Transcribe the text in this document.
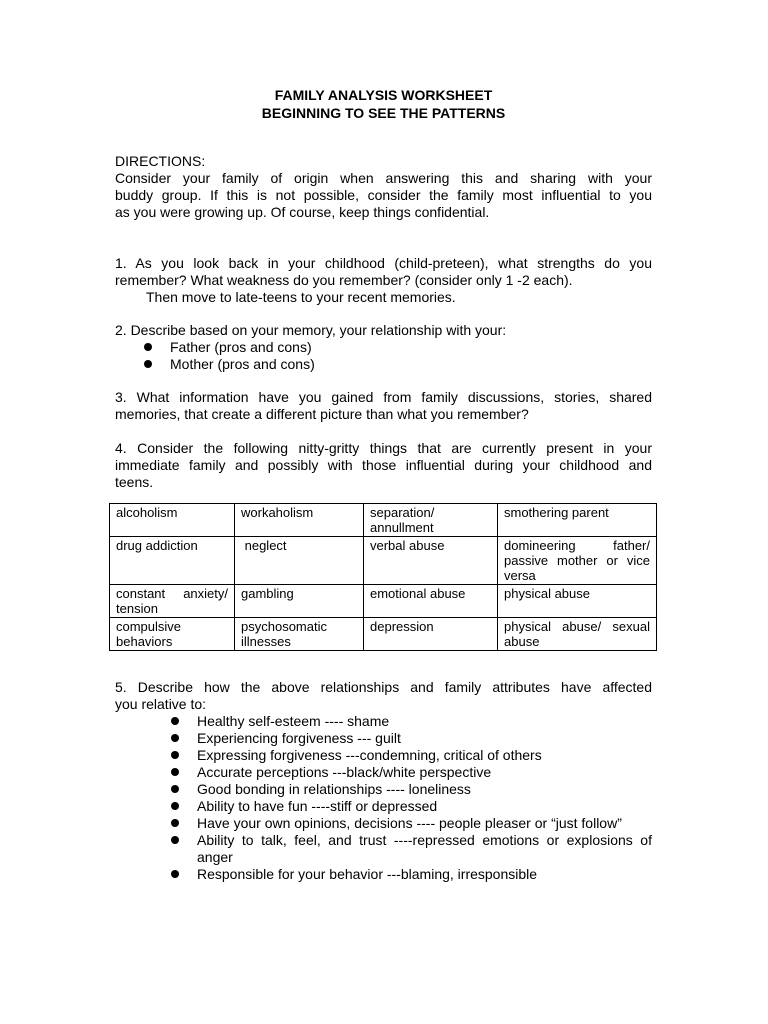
FAMILY ANALYSIS WORKSHEET
BEGINNING TO SEE THE PATTERNS
DIRECTIONS:
Consider your family of origin when answering this and sharing with your
buddy group. If this is not possible, consider the family most influential to you
as you were growing up. Of course, keep things confidential.
1. As you look back in your childhood (child-preteen), what strengths do you
remember? What weakness do you remember? (consider only 1 -2 each).
Then move to late-teens to your recent memories.
2. Describe based on your memory, your relationship with your:
Father (pros and cons)
Mother (pros and cons)
3. What information have you gained from family discussions, stories, shared
memories, that create a different picture than what you remember?
4. Consider the following nitty-gritty things that are currently present in your
immediate family and possibly with those influential during your childhood and
teens.
alcoholism	workaholism	separation/ annullment	smothering parent
drug addiction	neglect	verbal abuse	domineering father/ passive mother or vice versa
constant anxiety/ tension	gambling	emotional abuse	physical abuse
compulsive behaviors	psychosomatic illnesses	depression	physical abuse/ sexual abuse
5. Describe how the above relationships and family attributes have affected
you relative to:
Healthy self-esteem ---- shame
Experiencing forgiveness --- guilt
Expressing forgiveness ---condemning, critical of others
Accurate perceptions ---black/white perspective
Good bonding in relationships ---- loneliness
Ability to have fun ----stiff or depressed
Have your own opinions, decisions ---- people pleaser or “just follow”
Ability to talk, feel, and trust ----repressed emotions or explosions of anger
Responsible for your behavior ---blaming, irresponsible
